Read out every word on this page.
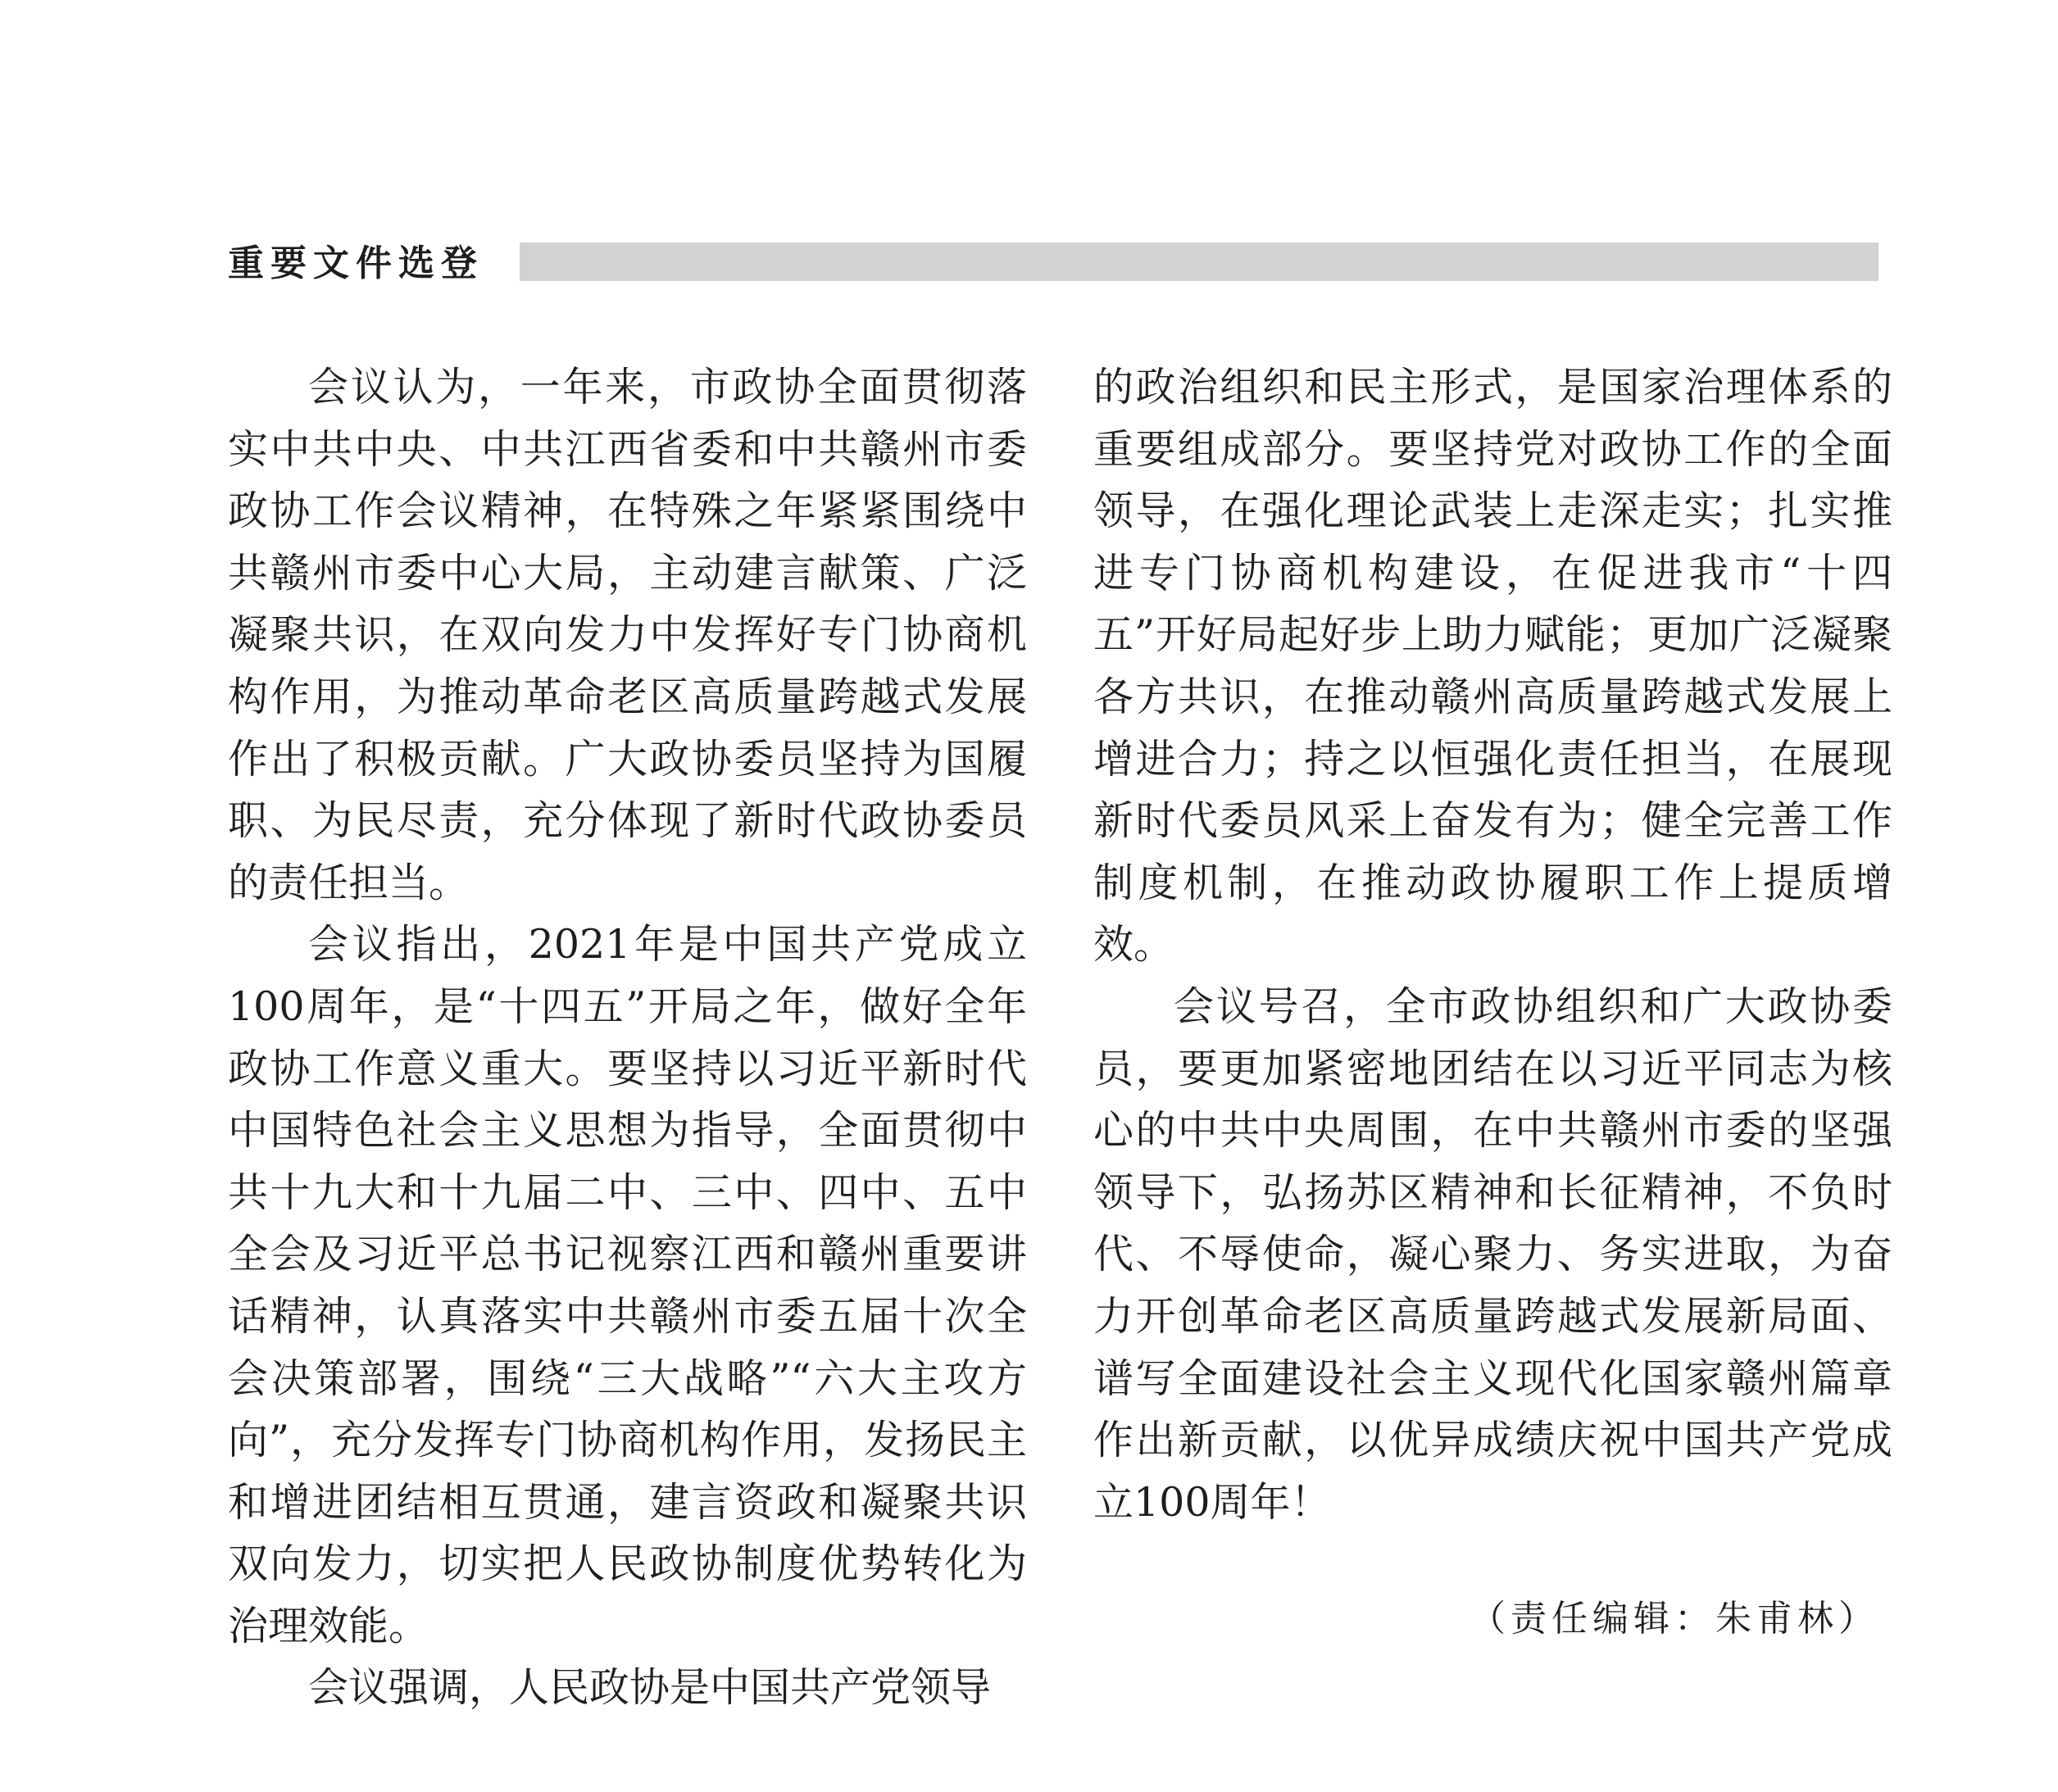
重要文件选登

会议认为，一年来，市政协全面贯彻落实中共中央、中共江西省委和中共赣州市委政协工作会议精神，在特殊之年紧紧围绕中共赣州市委中心大局，主动建言献策、广泛凝聚共识，在双向发力中发挥好专门协商机构作用，为推动革命老区高质量跨越式发展作出了积极贡献。广大政协委员坚持为国履职、为民尽责，充分体现了新时代政协委员的责任担当。

会议指出，2021年是中国共产党成立100周年，是“十四五”开局之年，做好全年政协工作意义重大。要坚持以习近平新时代中国特色社会主义思想为指导，全面贯彻中共十九大和十九届二中、三中、四中、五中全会及习近平总书记视察江西和赣州重要讲话精神，认真落实中共赣州市委五届十次全会决策部署，围绕“三大战略”“六大主攻方向”，充分发挥专门协商机构作用，发扬民主和增进团结相互贯通，建言资政和凝聚共识双向发力，切实把人民政协制度优势转化为治理效能。

会议强调，人民政协是中国共产党领导

的政治组织和民主形式，是国家治理体系的重要组成部分。要坚持党对政协工作的全面领导，在强化理论武装上走深走实；扎实推进专门协商机构建设，在促进我市“十四五”开好局起好步上助力赋能；更加广泛凝聚各方共识，在推动赣州高质量跨越式发展上增进合力；持之以恒强化责任担当，在展现新时代委员风采上奋发有为；健全完善工作制度机制，在推动政协履职工作上提质增效。

会议号召，全市政协组织和广大政协委员，要更加紧密地团结在以习近平同志为核心的中共中央周围，在中共赣州市委的坚强领导下，弘扬苏区精神和长征精神，不负时代、不辱使命，凝心聚力、务实进取，为奋力开创革命老区高质量跨越式发展新局面、谱写全面建设社会主义现代化国家赣州篇章作出新贡献，以优异成绩庆祝中国共产党成立100周年！

（责任编辑：朱甫林）
